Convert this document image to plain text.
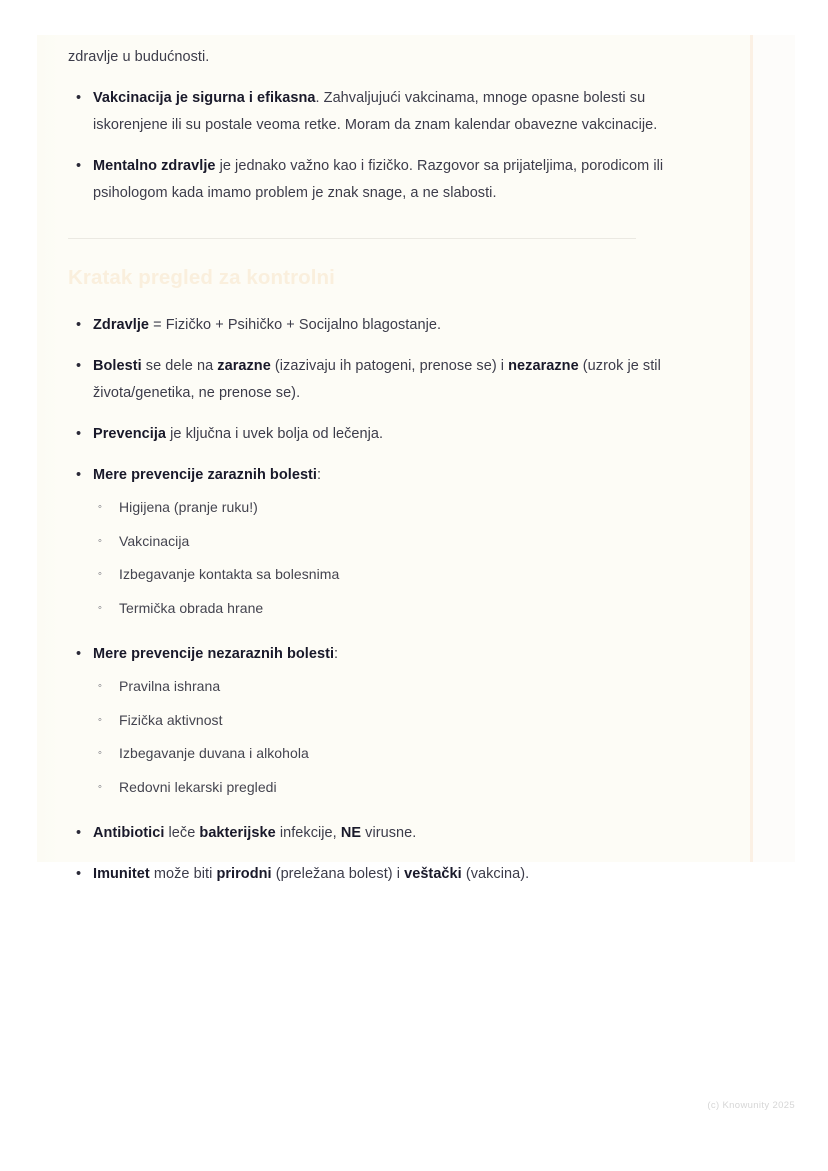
zdravlje u budućnosti.
• Vakcinacija je sigurna i efikasna. Zahvaljujući vakcinama, mnoge opasne bolesti su iskorenjene ili su postale veoma retke. Moram da znam kalendar obavezne vakcinacije.
• Mentalno zdravlje je jednako važno kao i fizičko. Razgovor sa prijateljima, porodicom ili psihologom kada imamo problem je znak snage, a ne slabosti.
Kratak pregled za kontrolni
• Zdravlje = Fizičko + Psihičko + Socijalno blagostanje.
• Bolesti se dele na zarazne (izazivaju ih patogeni, prenose se) i nezarazne (uzrok je stil života/genetika, ne prenose se).
• Prevencija je ključna i uvek bolja od lečenja.
• Mere prevencije zaraznih bolesti:
◦ Higijena (pranje ruku!)
◦ Vakcinacija
◦ Izbegavanje kontakta sa bolesnima
◦ Termička obrada hrane
• Mere prevencije nezaraznih bolesti:
◦ Pravilna ishrana
◦ Fizička aktivnost
◦ Izbegavanje duvana i alkohola
◦ Redovni lekarski pregledi
• Antibiotici leče bakterijske infekcije, NE virusne.
• Imunitet može biti prirodni (preležana bolest) i veštački (vakcina).
(c) Knowunity 2025
